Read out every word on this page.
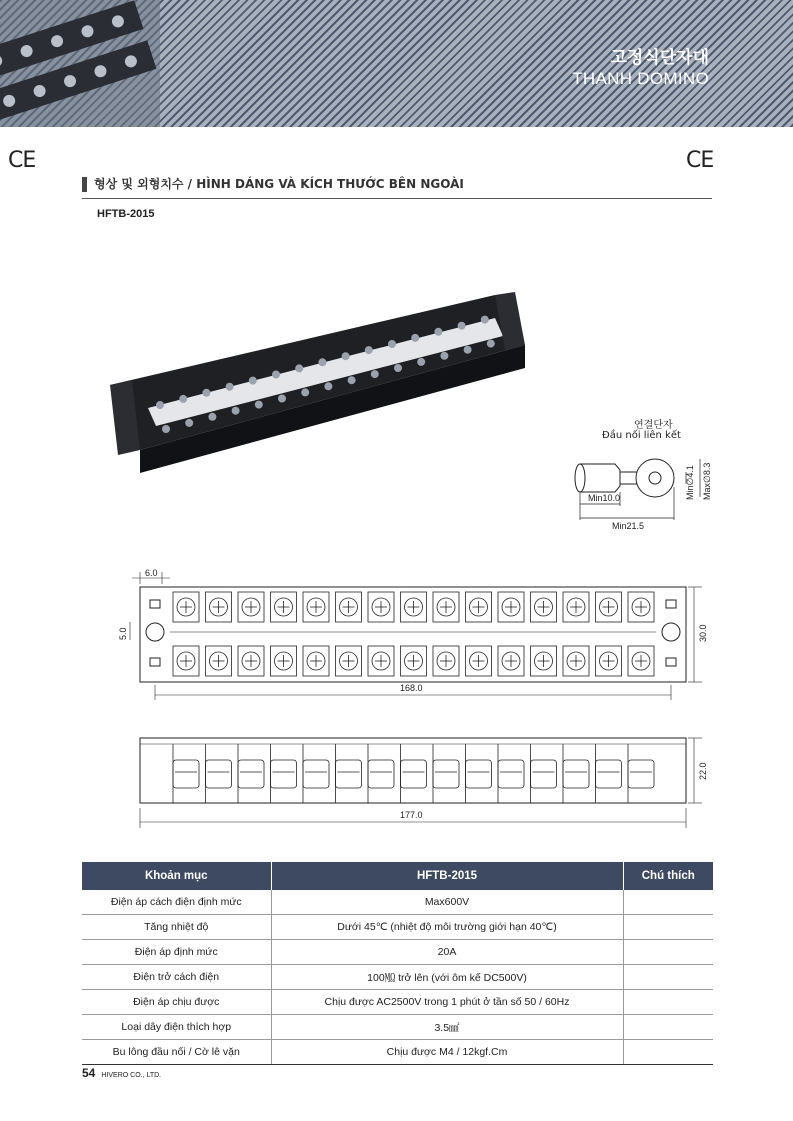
고정식단자대
THANH DOMINO
CE	CE
형상 및 외형치수 / HÌNH DÁNG VÀ KÍCH THƯỚC BÊN NGOÀI
HFTB-2015
연결단자
Đầu nối liên kết
Min10.0
Min21.5
Min∅4.1 Max∅8.3
6.0
5.0
168.0
30.0
177.0
22.0
Khoản mục	HFTB-2015	Chú thích
Điện áp cách điện định mức	Max600V	
Tăng nhiệt độ	Dưới 45℃ (nhiệt độ môi trường giới hạn 40℃)	
Điện áp định mức	20A	
Điện trở cách điện	100㏁ trở lên (với ôm kế DC500V)	
Điện áp chịu được	Chịu được AC2500V trong 1 phút ở tần số 50 / 60Hz	
Loại dây điện thích hợp	3.5㎟	
Bu lông đầu nối / Cờ lê vặn	Chịu được M4 / 12kgf.Cm	
54 HIVERO CO., LTD.
